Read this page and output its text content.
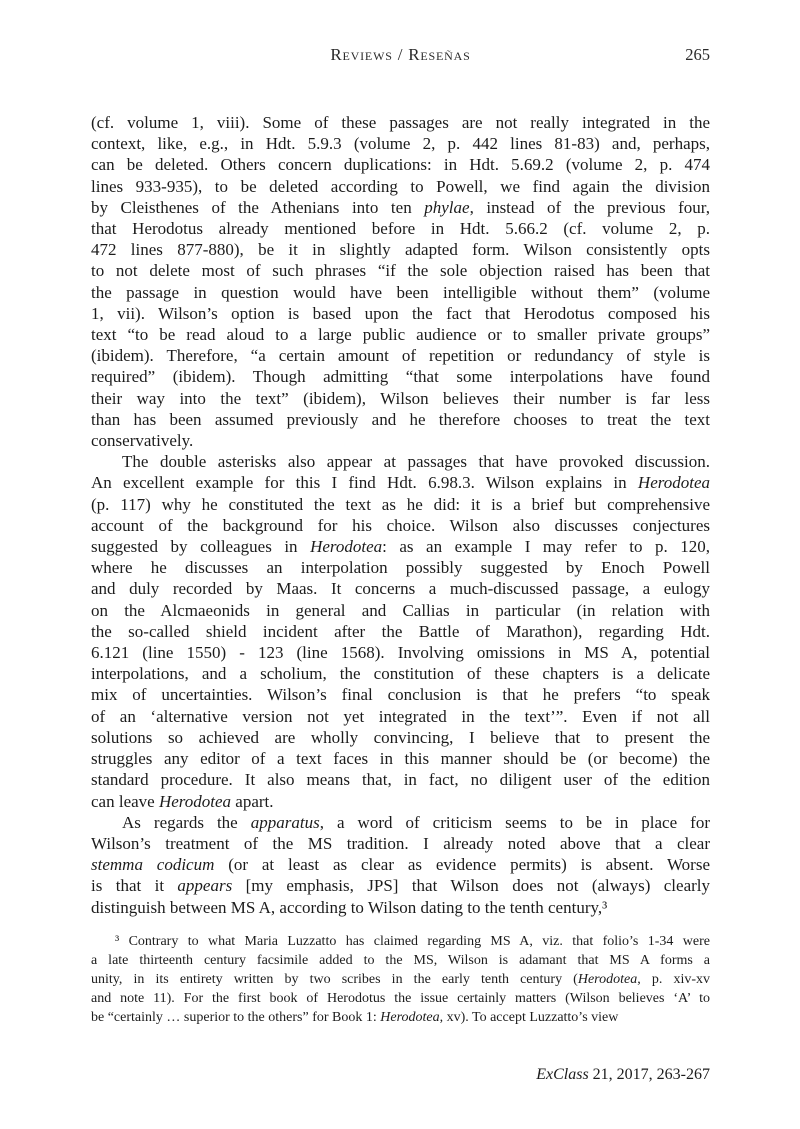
Reviews / Reseñas	265
(cf. volume 1, viii). Some of these passages are not really integrated in the
context, like, e.g., in Hdt. 5.9.3 (volume 2, p. 442 lines 81-83) and, perhaps,
can be deleted. Others concern duplications: in Hdt. 5.69.2 (volume 2, p. 474
lines 933-935), to be deleted according to Powell, we find again the division
by Cleisthenes of the Athenians into ten phylae, instead of the previous four,
that Herodotus already mentioned before in Hdt. 5.66.2 (cf. volume 2, p.
472 lines 877-880), be it in slightly adapted form. Wilson consistently opts
to not delete most of such phrases “if the sole objection raised has been that
the passage in question would have been intelligible without them” (volume
1, vii). Wilson’s option is based upon the fact that Herodotus composed his
text “to be read aloud to a large public audience or to smaller private groups”
(ibidem). Therefore, “a certain amount of repetition or redundancy of style is
required” (ibidem). Though admitting “that some interpolations have found
their way into the text” (ibidem), Wilson believes their number is far less
than has been assumed previously and he therefore chooses to treat the text
conservatively.
The double asterisks also appear at passages that have provoked discussion.
An excellent example for this I find Hdt. 6.98.3. Wilson explains in Herodotea
(p. 117) why he constituted the text as he did: it is a brief but comprehensive
account of the background for his choice. Wilson also discusses conjectures
suggested by colleagues in Herodotea: as an example I may refer to p. 120,
where he discusses an interpolation possibly suggested by Enoch Powell
and duly recorded by Maas. It concerns a much-discussed passage, a eulogy
on the Alcmaeonids in general and Callias in particular (in relation with
the so-called shield incident after the Battle of Marathon), regarding Hdt.
6.121 (line 1550) - 123 (line 1568). Involving omissions in MS A, potential
interpolations, and a scholium, the constitution of these chapters is a delicate
mix of uncertainties. Wilson’s final conclusion is that he prefers “to speak
of an ‘alternative version not yet integrated in the text’”. Even if not all
solutions so achieved are wholly convincing, I believe that to present the
struggles any editor of a text faces in this manner should be (or become) the
standard procedure. It also means that, in fact, no diligent user of the edition
can leave Herodotea apart.
As regards the apparatus, a word of criticism seems to be in place for
Wilson’s treatment of the MS tradition. I already noted above that a clear
stemma codicum (or at least as clear as evidence permits) is absent. Worse
is that it appears [my emphasis, JPS] that Wilson does not (always) clearly
distinguish between MS A, according to Wilson dating to the tenth century,³
³ Contrary to what Maria Luzzatto has claimed regarding MS A, viz. that folio’s 1-34 were
a late thirteenth century facsimile added to the MS, Wilson is adamant that MS A forms a
unity, in its entirety written by two scribes in the early tenth century (Herodotea, p. xiv-xv
and note 11). For the first book of Herodotus the issue certainly matters (Wilson believes ‘A’ to
be “certainly … superior to the others” for Book 1: Herodotea, xv). To accept Luzzatto’s view
ExClass 21, 2017, 263-267
